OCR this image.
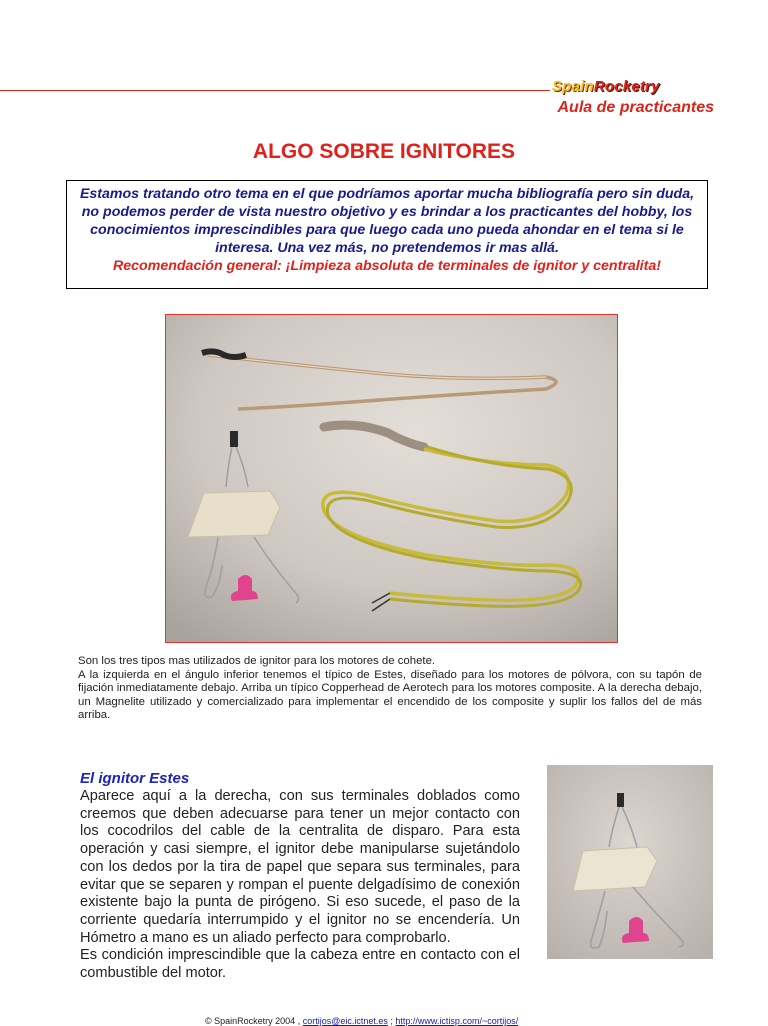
SpainRocketry
Aula de practicantes
ALGO SOBRE IGNITORES
Estamos tratando otro tema en el que podríamos aportar mucha bibliografía pero sin duda, no podemos perder de vista nuestro objetivo y es brindar a los practicantes del hobby, los conocimientos imprescindibles para que luego cada uno pueda ahondar en el tema si le interesa. Una vez más, no pretendemos ir mas allá.
Recomendación general: ¡Limpieza absoluta de terminales de ignitor y centralita!

Son los tres tipos mas utilizados de ignitor para los motores de cohete.

A la izquierda en el ángulo inferior tenemos el típico de Estes, diseñado para los motores de pólvora, con su tapón de fijación inmediatamente debajo. Arriba un típico Copperhead de Aerotech para los motores composite. A la derecha debajo, un Magnelite utilizado y comercializado para implementar el encendido de los composite y suplir los fallos del de más arriba.

El ignitor Estes

Aparece aquí a la derecha, con sus terminales doblados como creemos que deben adecuarse para tener un mejor contacto con los cocodrilos del cable de la centralita de disparo. Para esta operación y casi siempre, el ignitor debe manipularse sujetándolo con los dedos por la tira de papel que separa sus terminales, para evitar que se separen y rompan el puente delgadísimo de conexión existente bajo la punta de pirógeno. Si eso sucede, el paso de la corriente quedaría interrumpido y el ignitor no se encendería. Un Hómetro a mano es un aliado perfecto para comprobarlo.

Es condición imprescindible que la cabeza entre en contacto con el combustible del motor.

© SpainRocketry 2004 , cortijos@eic.ictnet.es ; http://www.ictisp.com/~cortijos/
